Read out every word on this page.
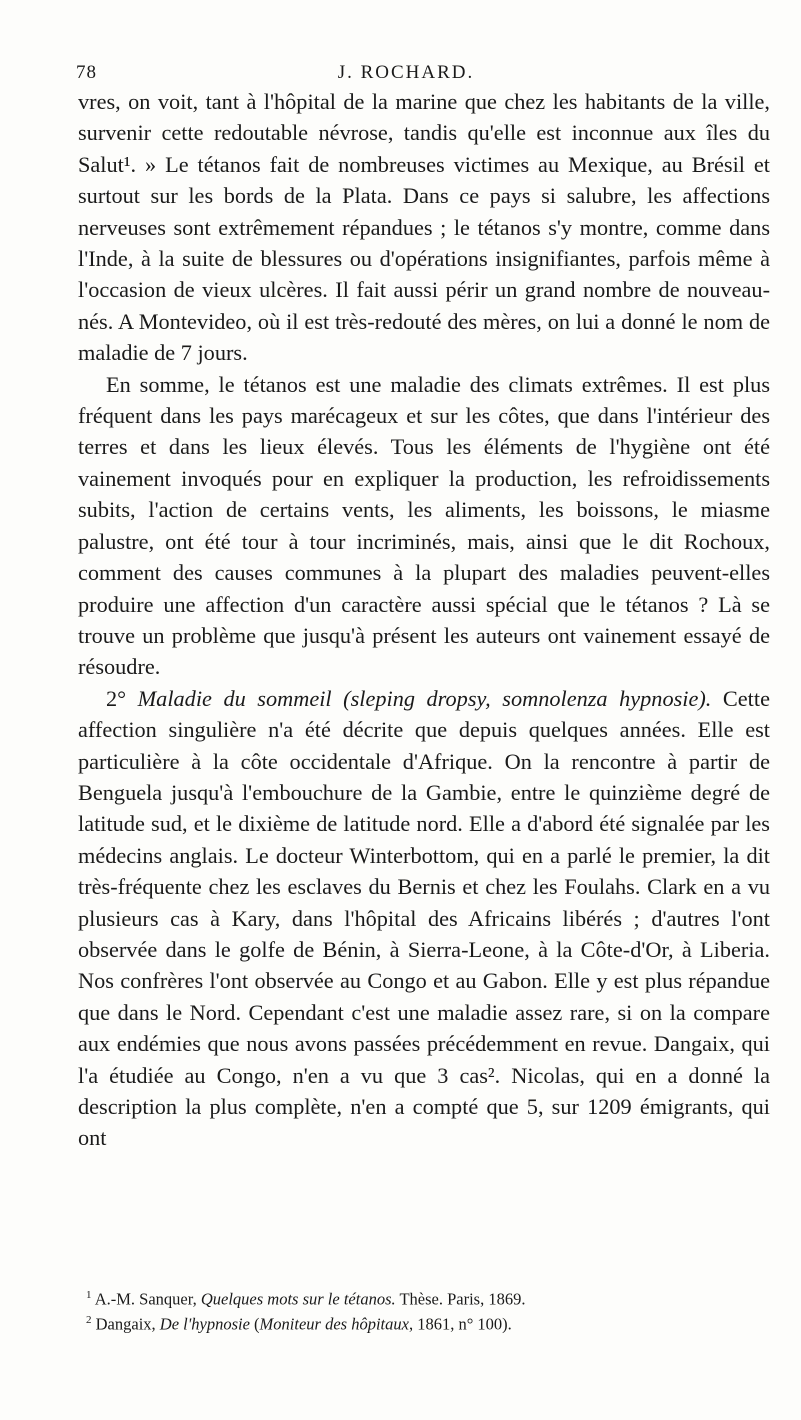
78	J. ROCHARD.

vres, on voit, tant à l'hôpital de la marine que chez les habitants de la ville, survenir cette redoutable névrose, tandis qu'elle est inconnue aux îles du Salut¹. » Le tétanos fait de nombreuses victimes au Mexique, au Brésil et surtout sur les bords de la Plata. Dans ce pays si salubre, les affections nerveuses sont extrêmement répandues ; le tétanos s'y montre, comme dans l'Inde, à la suite de blessures ou d'opérations insignifiantes, parfois même à l'occasion de vieux ulcères. Il fait aussi périr un grand nombre de nouveau-nés. A Montevideo, où il est très-redouté des mères, on lui a donné le nom de maladie de 7 jours.

En somme, le tétanos est une maladie des climats extrêmes. Il est plus fréquent dans les pays marécageux et sur les côtes, que dans l'intérieur des terres et dans les lieux élevés. Tous les éléments de l'hygiène ont été vainement invoqués pour en expliquer la production, les refroidissements subits, l'action de certains vents, les aliments, les boissons, le miasme palustre, ont été tour à tour incriminés, mais, ainsi que le dit Rochoux, comment des causes communes à la plupart des maladies peuvent-elles produire une affection d'un caractère aussi spécial que le tétanos ? Là se trouve un problème que jusqu'à présent les auteurs ont vainement essayé de résoudre.

2° Maladie du sommeil (sleping dropsy, somnolenza hypnosie). Cette affection singulière n'a été décrite que depuis quelques années. Elle est particulière à la côte occidentale d'Afrique. On la rencontre à partir de Benguela jusqu'à l'embouchure de la Gambie, entre le quinzième degré de latitude sud, et le dixième de latitude nord. Elle a d'abord été signalée par les médecins anglais. Le docteur Winterbottom, qui en a parlé le premier, la dit très-fréquente chez les esclaves du Bernis et chez les Foulahs. Clark en a vu plusieurs cas à Kary, dans l'hôpital des Africains libérés ; d'autres l'ont observée dans le golfe de Bénin, à Sierra-Leone, à la Côte-d'Or, à Liberia. Nos confrères l'ont observée au Congo et au Gabon. Elle y est plus répandue que dans le Nord. Cependant c'est une maladie assez rare, si on la compare aux endémies que nous avons passées précédemment en revue. Dangaix, qui l'a étudiée au Congo, n'en a vu que 3 cas². Nicolas, qui en a donné la description la plus complète, n'en a compté que 5, sur 1209 émigrants, qui ont

$^1$ A.-M. Sanquer, Quelques mots sur le tétanos. Thèse. Paris, 1869.

$^2$ Dangaix, De l'hypnosie (Moniteur des hôpitaux, 1861, n° 100).
